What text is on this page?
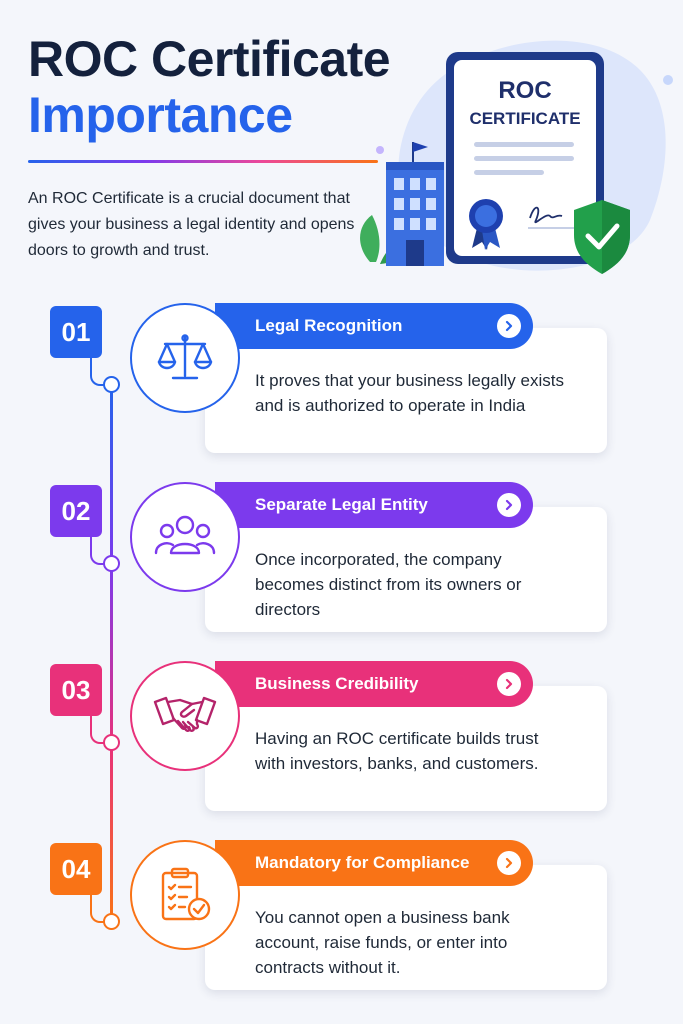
ROC Certificate
Importance
An ROC Certificate is a crucial document that gives your business a legal identity and opens doors to growth and trust.
ROC
CERTIFICATE
01
It proves that your business legally exists and is authorized to operate in India
Legal Recognition
02
Once incorporated, the company becomes distinct from its owners or directors
Separate Legal Entity
03
Having an ROC certificate builds trust with investors, banks, and customers.
Business Credibility
04
You cannot open a business bank account, raise funds, or enter into contracts without it.
Mandatory for Compliance
